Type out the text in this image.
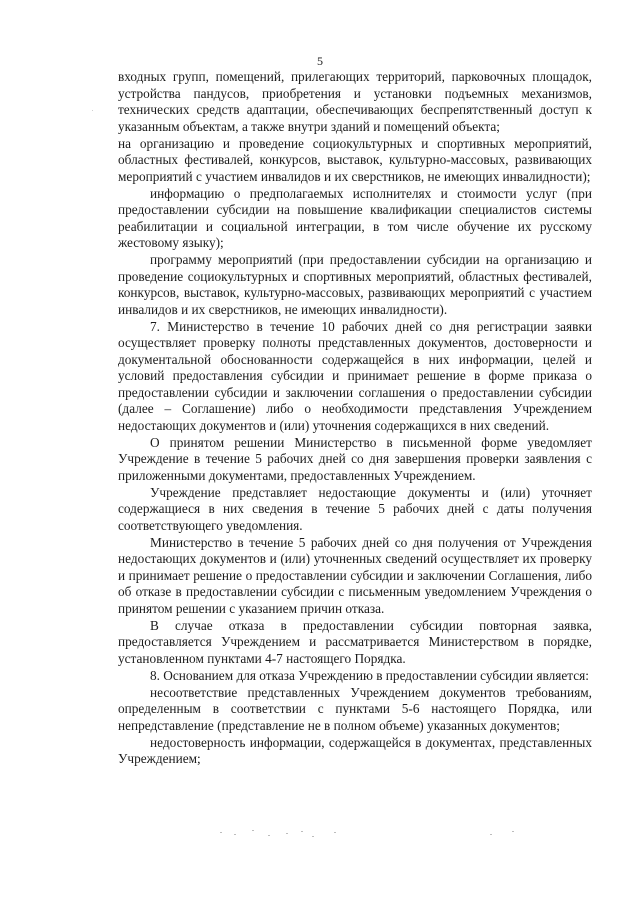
5

входных групп, помещений, прилегающих территорий, парковочных площадок, устройства пандусов, приобретения и установки подъемных механизмов, технических средств адаптации, обеспечивающих беспрепятственный доступ к указанным объектам, а также внутри зданий и помещений объекта;

на организацию и проведение социокультурных и спортивных мероприятий, областных фестивалей, конкурсов, выставок, культурно-массовых, развивающих мероприятий с участием инвалидов и их сверстников, не имеющих инвалидности);

информацию о предполагаемых исполнителях и стоимости услуг (при предоставлении субсидии на повышение квалификации специалистов системы реабилитации и социальной интеграции, в том числе обучение их русскому жестовому языку);

программу мероприятий (при предоставлении субсидии на организацию и проведение социокультурных и спортивных мероприятий, областных фестивалей, конкурсов, выставок, культурно-массовых, развивающих мероприятий с участием инвалидов и их сверстников, не имеющих инвалидности).

7. Министерство в течение 10 рабочих дней со дня регистрации заявки осуществляет проверку полноты представленных документов, достоверности и документальной обоснованности содержащейся в них информации, целей и условий предоставления субсидии и принимает решение в форме приказа о предоставлении субсидии и заключении соглашения о предоставлении субсидии (далее – Соглашение) либо о необходимости представления Учреждением недостающих документов и (или) уточнения содержащихся в них сведений.

О принятом решении Министерство в письменной форме уведомляет Учреждение в течение 5 рабочих дней со дня завершения проверки заявления с приложенными документами, предоставленных Учреждением.

Учреждение представляет недостающие документы и (или) уточняет содержащиеся в них сведения в течение 5 рабочих дней с даты получения соответствующего уведомления.

Министерство в течение 5 рабочих дней со дня получения от Учреждения недостающих документов и (или) уточненных сведений осуществляет их проверку и принимает решение о предоставлении субсидии и заключении Соглашения, либо об отказе в предоставлении субсидии с письменным уведомлением Учреждения о принятом решении с указанием причин отказа.

В случае отказа в предоставлении субсидии повторная заявка, предоставляется Учреждением и рассматривается Министерством в порядке, установленном пунктами 4-7 настоящего Порядка.

8. Основанием для отказа Учреждению в предоставлении субсидии является:

несоответствие представленных Учреждением документов требованиям, определенным в соответствии с пунктами 5-6 настоящего Порядка, или непредставление (представление не в полном объеме) указанных документов;

недостоверность информации, содержащейся в документах, представленных Учреждением;
